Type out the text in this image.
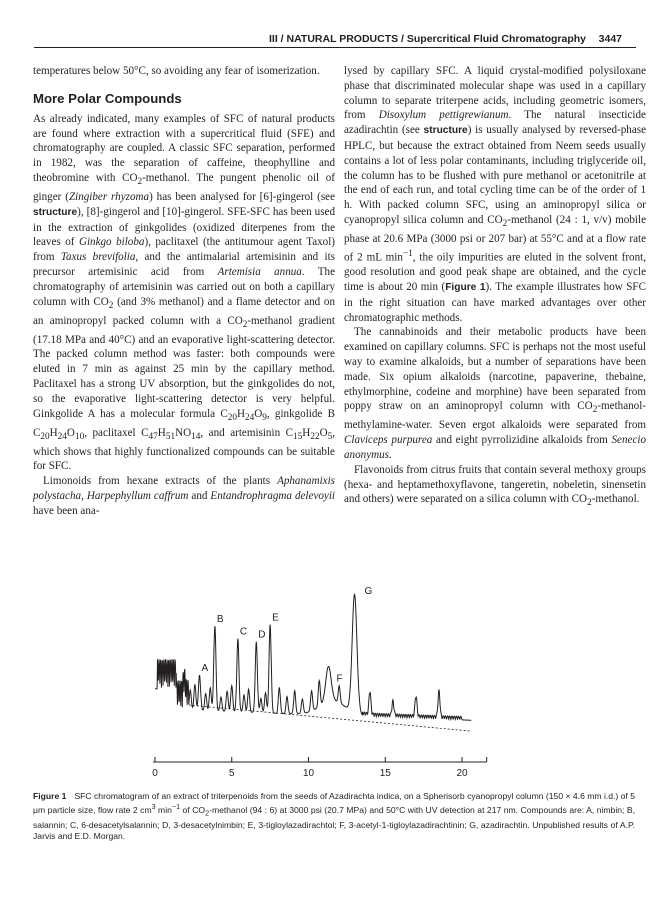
III / NATURAL PRODUCTS / Supercritical Fluid Chromatography 3447

temperatures below 50°C, so avoiding any fear of isomerization.

More Polar Compounds

As already indicated, many examples of SFC of natural products are found where extraction with a supercritical fluid (SFE) and chromatography are coupled. A classic SFC separation, performed in 1982, was the separation of caffeine, theophylline and theobromine with $CO_2$-methanol. The pungent phenolic oil of ginger (Zingiber rhyzoma) has been analysed for [6]-gingerol (see structure), [8]-gingerol and [10]-gingerol. SFE-SFC has been used in the extraction of ginkgolides (oxidized diterpenes from the leaves of Ginkgo biloba), paclitaxel (the antitumour agent Taxol) from Taxus brevifolia, and the antimalarial artemisinin and its precursor artemisinic acid from Artemisia annua. The chromatography of artemisinin was carried out on both a capillary column with $CO_2$ (and 3% methanol) and a flame detector and on an aminopropyl packed column with a $CO_2$-methanol gradient (17.18 MPa and 40°C) and an evaporative light-scattering detector. The packed column method was faster: both compounds were eluted in 7 min as against 25 min by the capillary method. Paclitaxel has a strong UV absorption, but the ginkgolides do not, so the evaporative light-scattering detector is very helpful. Ginkgolide A has a molecular formula $C_{20}H_{24}O_9$, ginkgolide B $C_{20}H_{24}O_{10}$, paclitaxel $C_{47}H_{51}NO_{14}$, and artemisinin $C_{15}H_{22}O_5$, which shows that highly functionalized compounds can be suitable for SFC.

Limonoids from hexane extracts of the plants Aphanamixis polystacha, Harpephyllum caffrum and Entandrophragma delevoyii have been ana-

lysed by capillary SFC. A liquid crystal-modified polysiloxane phase that discriminated molecular shape was used in a capillary column to separate triterpene acids, including geometric isomers, from Disoxylum pettigrewianum. The natural insecticide azadirachtin (see structure) is usually analysed by reversed-phase HPLC, but because the extract obtained from Neem seeds usually contains a lot of less polar contaminants, including triglyceride oil, the column has to be flushed with pure methanol or acetonitrile at the end of each run, and total cycling time can be of the order of 1 h. With packed column SFC, using an aminopropyl silica or cyanopropyl silica column and $CO_2$-methanol (24 : 1, v/v) mobile phase at 20.6 MPa (3000 psi or 207 bar) at 55°C and at a flow rate of 2 mL $\min^{-1}$, the oily impurities are eluted in the solvent front, good resolution and good peak shape are obtained, and the cycle time is about 20 min (Figure 1). The example illustrates how SFC in the right situation can have marked advantages over other chromatographic methods.

The cannabinoids and their metabolic products have been examined on capillary columns. SFC is perhaps not the most useful way to examine alkaloids, but a number of separations have been made. Six opium alkaloids (narcotine, papaverine, thebaine, ethylmorphine, codeine and morphine) have been separated from poppy straw on an aminopropyl column with $CO_2-methanol-methylamine$-water. Seven ergot alkaloids were separated from Claviceps purpurea and eight pyrrolizidine alkaloids from Senecio anonymus.

Flavonoids from citrus fruits that contain several methoxy groups (hexa- and heptamethoxyflavone, tangeretin, nobeletin, sinensetin and others) were separated on a silica column with $CO_2$-methanol.

0	5	10	15	20
A
B
C D
E
F
G
Figure 1 SFC chromatogram of an extract of triterpenoids from the seeds of Azadirachta indica, on a Spherisorb cyanopropyl column (150 × 4.6 mm i.d.) of 5 μm particle size, flow rate 2 $cm^3$ $\min^{-1}$ of $CO_2$-methanol (94 : 6) at 3000 psi (20.7 MPa) and 50°C with UV detection at 217 nm. Compounds are: A, nimbin; B, salannin; C, 6-desacetylsalannin; D, 3-desacetylnimbin; E, 3-tigloylazadirachtol; F, 3-acetyl-1-tigloylazadirachtinin; G, azadirachtin. Unpublished results of A.P. Jarvis and E.D. Morgan.
